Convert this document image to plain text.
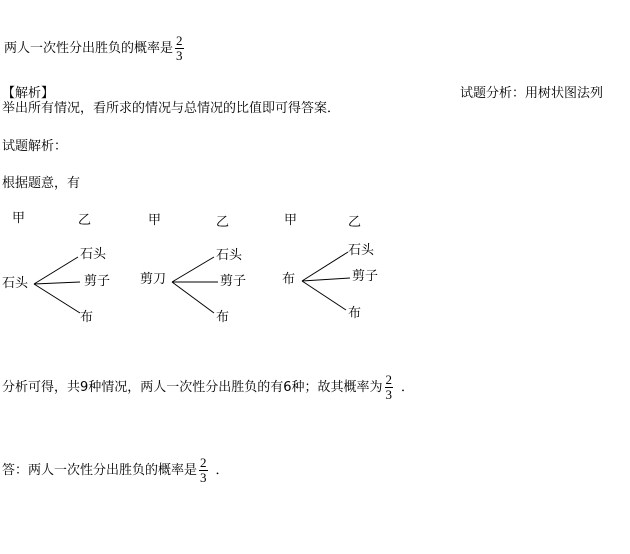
两人一次性分出胜负的概率是 $\frac{2}{3}$
【解析】	试题分析：用树状图法列
举出所有情况，看所求的情况与总情况的比值即可得答案．
试题解析：
根据题意，有
甲	乙	甲	乙	甲	乙
石头
石头
剪子
布
剪刀
石头
剪子
布
布
石头
剪子
布
分析可得，共9种情况，两人一次性分出胜负的有6种；故其概率为 $\frac{2}{3}$ ．
答：两人一次性分出胜负的概率是 $\frac{2}{3}$ ．
